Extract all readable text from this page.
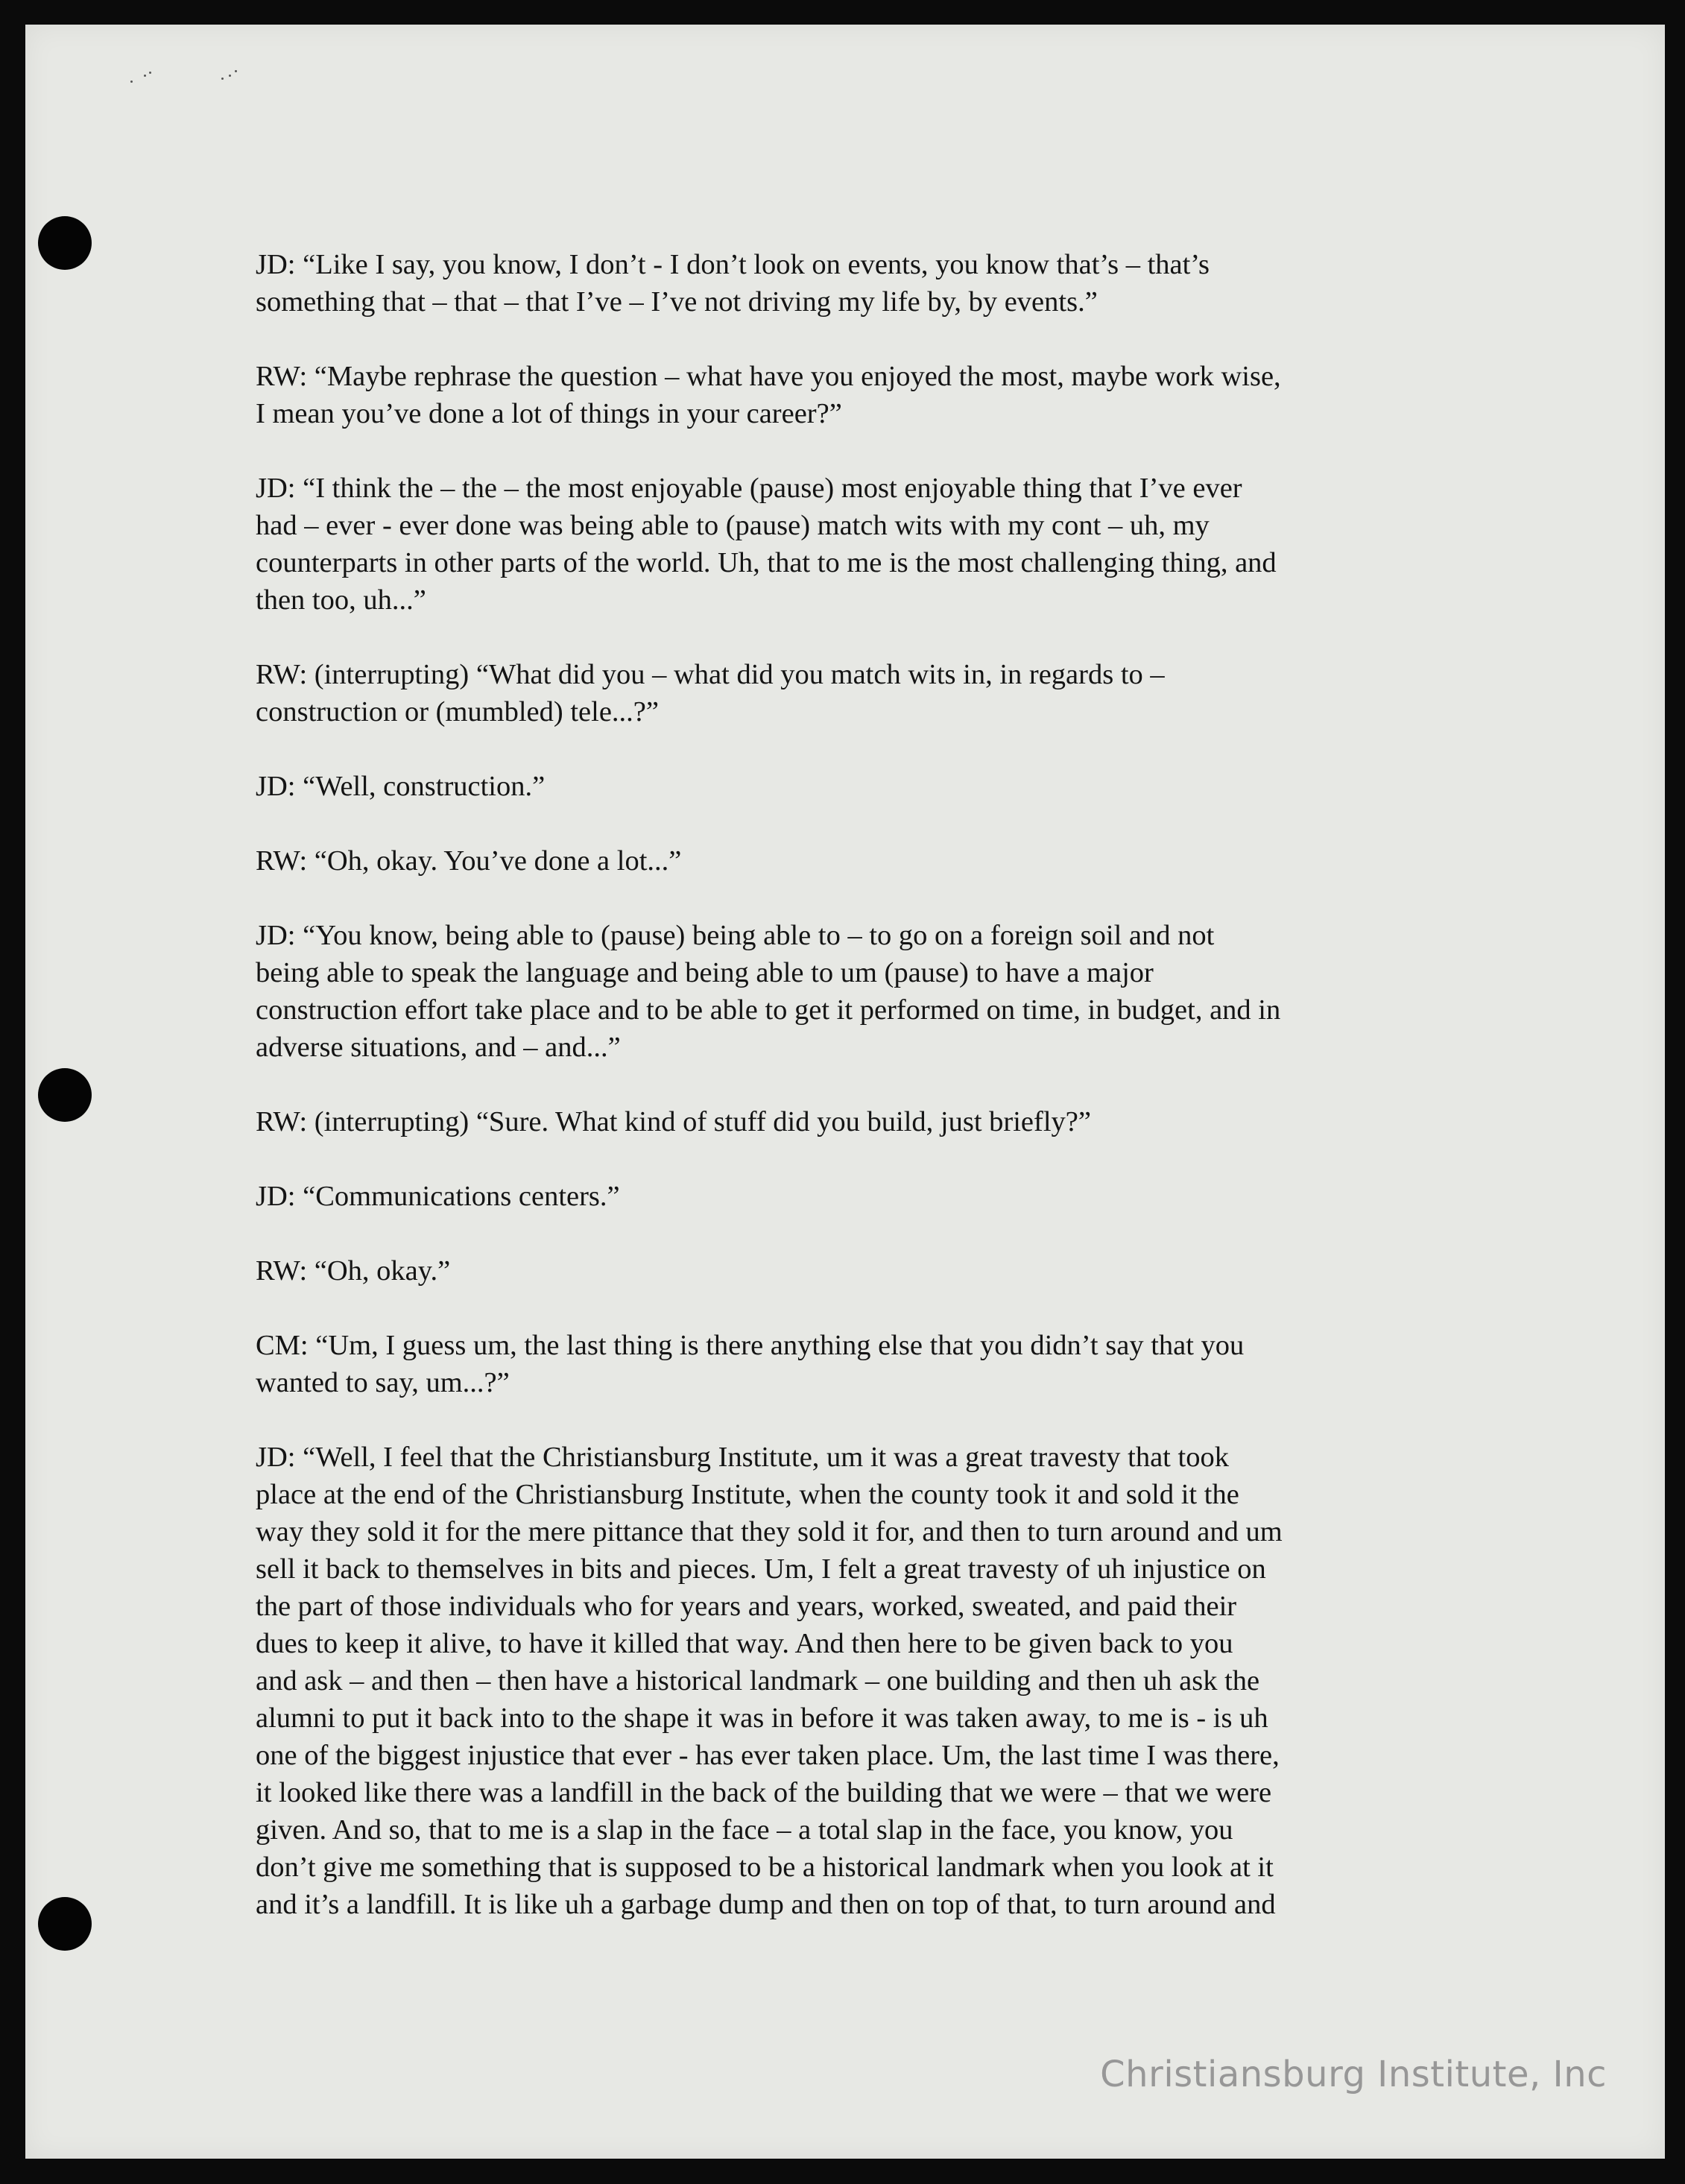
JD: “Like I say, you know, I don’t - I don’t look on events, you know that’s – that’s
something that – that – that I’ve – I’ve not driving my life by, by events.”

RW: “Maybe rephrase the question – what have you enjoyed the most, maybe work wise,
I mean you’ve done a lot of things in your career?”

JD: “I think the – the – the most enjoyable (pause) most enjoyable thing that I’ve ever
had – ever - ever done was being able to (pause) match wits with my cont – uh, my
counterparts in other parts of the world. Uh, that to me is the most challenging thing, and
then too, uh...”

RW: (interrupting) “What did you – what did you match wits in, in regards to –
construction or (mumbled) tele...?”

JD: “Well, construction.”

RW: “Oh, okay. You’ve done a lot...”

JD: “You know, being able to (pause) being able to – to go on a foreign soil and not
being able to speak the language and being able to um (pause) to have a major
construction effort take place and to be able to get it performed on time, in budget, and in
adverse situations, and – and...”

RW: (interrupting) “Sure. What kind of stuff did you build, just briefly?”

JD: “Communications centers.”

RW: “Oh, okay.”

CM: “Um, I guess um, the last thing is there anything else that you didn’t say that you
wanted to say, um...?”

JD: “Well, I feel that the Christiansburg Institute, um it was a great travesty that took
place at the end of the Christiansburg Institute, when the county took it and sold it the
way they sold it for the mere pittance that they sold it for, and then to turn around and um
sell it back to themselves in bits and pieces. Um, I felt a great travesty of uh injustice on
the part of those individuals who for years and years, worked, sweated, and paid their
dues to keep it alive, to have it killed that way. And then here to be given back to you
and ask – and then – then have a historical landmark – one building and then uh ask the
alumni to put it back into to the shape it was in before it was taken away, to me is - is uh
one of the biggest injustice that ever - has ever taken place. Um, the last time I was there,
it looked like there was a landfill in the back of the building that we were – that we were
given. And so, that to me is a slap in the face – a total slap in the face, you know, you
don’t give me something that is supposed to be a historical landmark when you look at it
and it’s a landfill. It is like uh a garbage dump and then on top of that, to turn around and

Christiansburg Institute, Inc
